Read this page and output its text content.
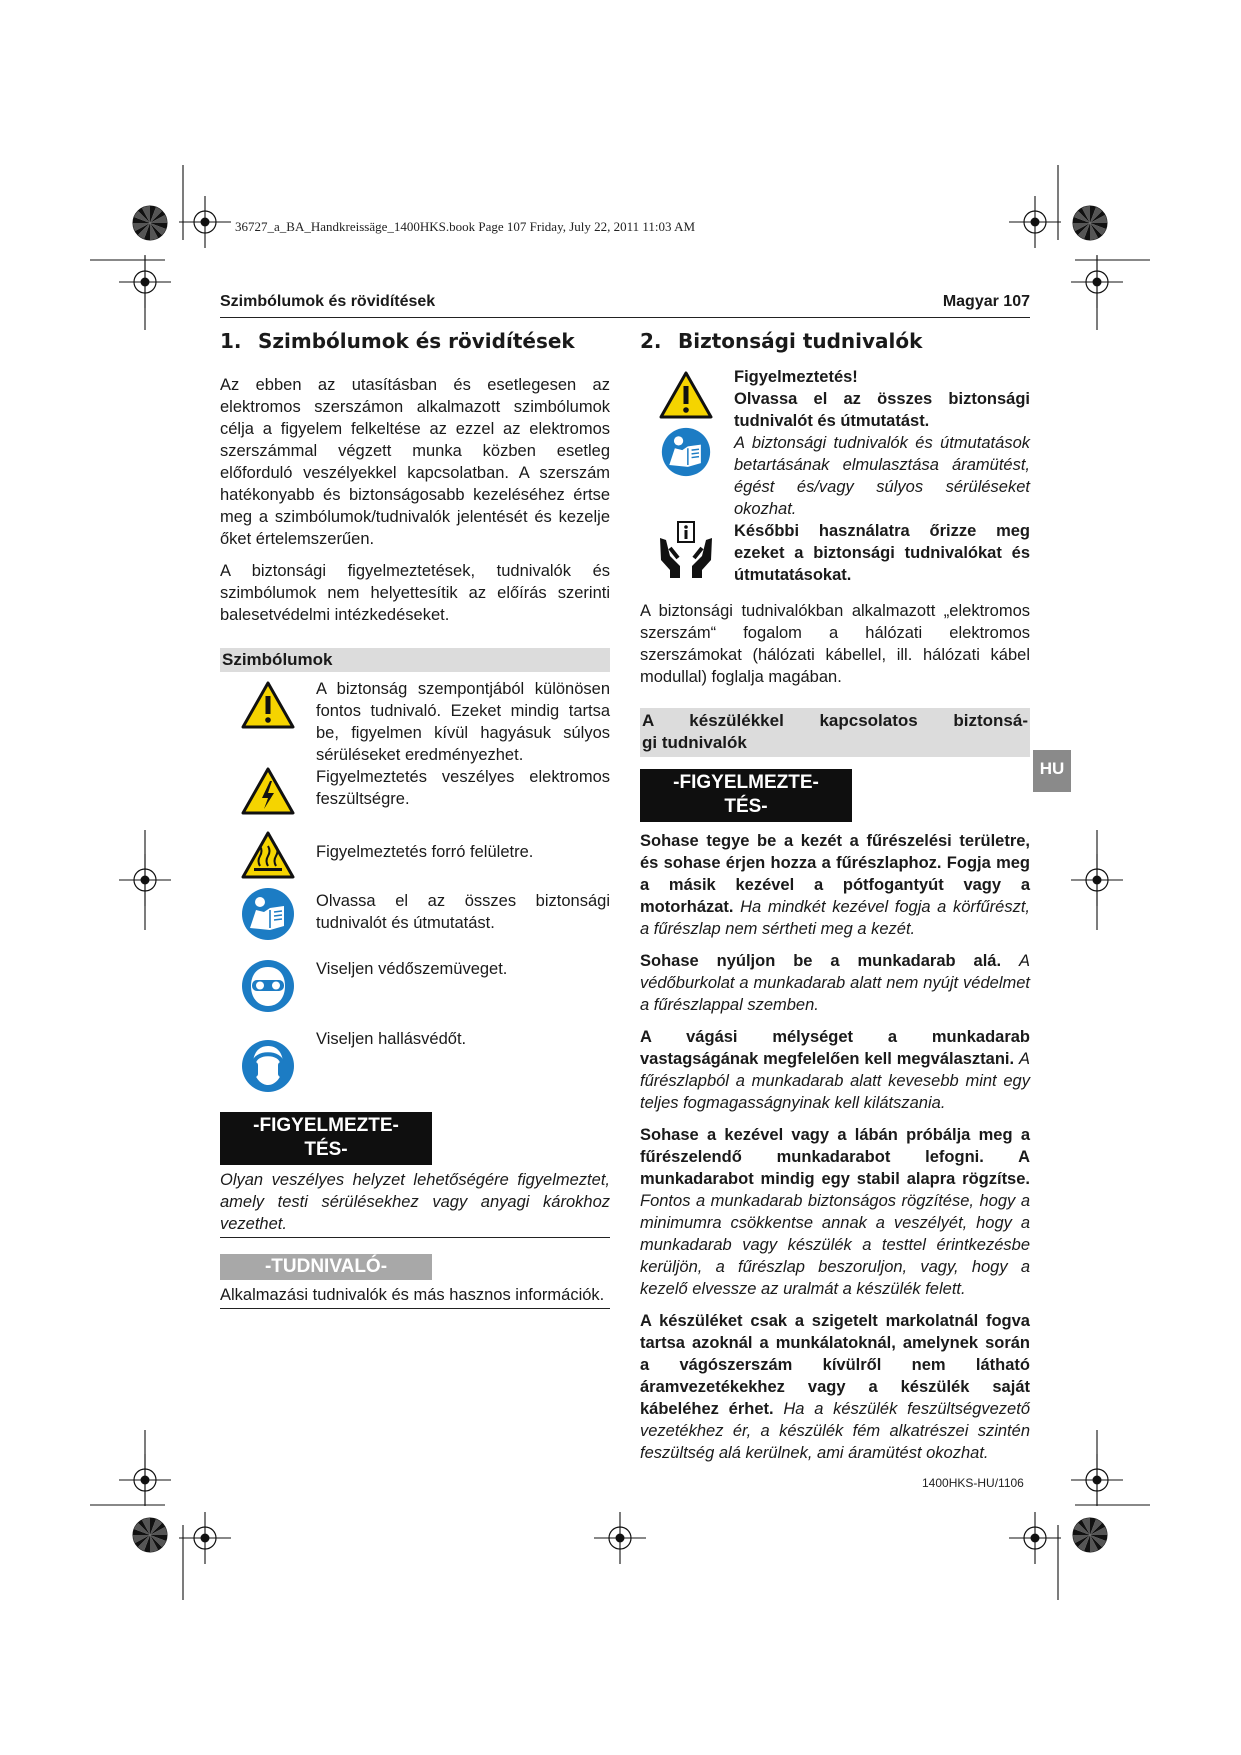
36727_a_BA_Handkreissäge_1400HKS.book Page 107 Friday, July 22, 2011 11:03 AM
Szimbólumok és rövidítések	Magyar 107
1. Szimbólumok és rövidítések

Az ebben az utasításban és esetlegesen az elektromos szerszámon alkalmazott szimbólumok célja a figyelem felkeltése az ezzel az elektromos szerszámmal végzett munka közben esetleg előforduló veszélyekkel kapcsolatban. A szerszám hatékonyabb és biztonságosabb kezeléséhez értse meg a szimbólumok/tudnivalók jelentését és kezelje őket értelemszerűen.

A biztonsági figyelmeztetések, tudnivalók és szimbólumok nem helyettesítik az előírás szerinti balesetvédelmi intézkedéseket.

Szimbólumok
A biztonság szempontjából különösen fontos tudnivaló. Ezeket mindig tartsa be, figyelmen kívül hagyásuk súlyos sérüléseket eredményezhet.
Figyelmeztetés veszélyes elektromos feszültségre.
Figyelmeztetés forró felületre.
Olvassa el az összes biztonsági tudnivalót és útmutatást.
Viseljen védőszemüveget.
Viseljen hallásvédőt.
-FIGYELMEZTE-
TÉS-

Olyan veszélyes helyzet lehetőségére figyelmeztet, amely testi sérülésekhez vagy anyagi károkhoz vezethet.

-TUDNIVALÓ-

Alkalmazási tudnivalók és más hasznos információk.

2. Biztonsági tudnivalók
Figyelmeztetés!
Olvassa el az összes biztonsági tudnivalót és útmutatást.
A biztonsági tudnivalók és útmutatások betartásának elmulasztása áramütést, égést és/vagy súlyos sérüléseket okozhat.
Későbbi használatra őrizze meg ezeket a biztonsági tudnivalókat és útmutatásokat.

A biztonsági tudnivalókban alkalmazott „elektromos szerszám“ fogalom a hálózati elektromos szerszámokat (hálózati kábellel, ill. hálózati kábel modullal) foglalja magában.

A készülékkel kapcsolatos biztonsá-
gi tudnivalók
-FIGYELMEZTE-
TÉS-

Sohase tegye be a kezét a fűrészelési területre, és sohase érjen hozza a fűrészlaphoz. Fogja meg a másik kezével a pótfogantyút vagy a motorházat. Ha mindkét kezével fogja a körfűrészt, a fűrészlap nem sértheti meg a kezét.

Sohase nyúljon be a munkadarab alá. A védőburkolat a munkadarab alatt nem nyújt védelmet a fűrészlappal szemben.

A vágási mélységet a munkadarab vastagságának megfelelően kell megválasztani. A fűrészlapból a munkadarab alatt kevesebb mint egy teljes fogmagasságnyinak kell kilátszania.

Sohase a kezével vagy a lábán próbálja meg a fűrészelendő munkadarabot lefogni. A munkadarabot mindig egy stabil alapra rögzítse. Fontos a munkadarab biztonságos rögzítése, hogy a minimumra csökkentse annak a veszélyét, hogy a munkadarab vagy készülék a testtel érintkezésbe kerüljön, a fűrészlap beszoruljon, vagy, hogy a kezelő elvessze az uralmát a készülék felett.

A készüléket csak a szigetelt markolatnál fogva tartsa azoknál a munkálatoknál, amelynek során a vágószerszám kívülről nem látható áramvezetékekhez vagy a készülék saját kábeléhez érhet. Ha a készülék feszültségvezető vezetékhez ér, a készülék fém alkatrészei szintén feszültség alá kerülnek, ami áramütést okozhat.

HU
1400HKS-HU/1106
